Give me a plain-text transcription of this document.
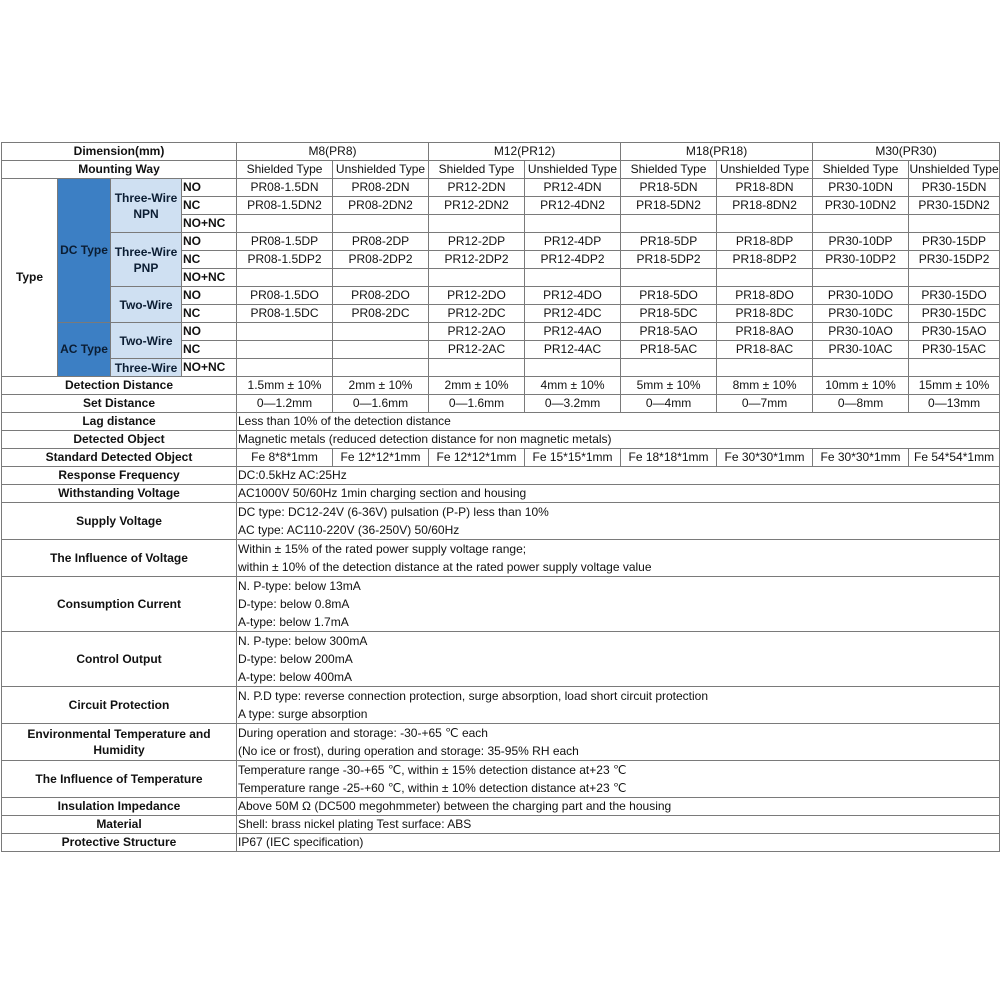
Dimension(mm)				M8(PR8)		M12(PR12)		M18(PR18)		M30(PR30)	
Mounting Way				Shielded Type	Unshielded Type	Shielded Type	Unshielded Type	Shielded Type	Unshielded Type	Shielded Type	Unshielded Type
Type	DC Type	Three-Wire NPN	NO	PR08-1.5DN	PR08-2DN	PR12-2DN	PR12-4DN	PR18-5DN	PR18-8DN	PR30-10DN	PR30-15DN
			NC	PR08-1.5DN2	PR08-2DN2	PR12-2DN2	PR12-4DN2	PR18-5DN2	PR18-8DN2	PR30-10DN2	PR30-15DN2
			NO+NC								
		Three-Wire PNP	NO	PR08-1.5DP	PR08-2DP	PR12-2DP	PR12-4DP	PR18-5DP	PR18-8DP	PR30-10DP	PR30-15DP
			NC	PR08-1.5DP2	PR08-2DP2	PR12-2DP2	PR12-4DP2	PR18-5DP2	PR18-8DP2	PR30-10DP2	PR30-15DP2
			NO+NC								
		Two-Wire	NO	PR08-1.5DO	PR08-2DO	PR12-2DO	PR12-4DO	PR18-5DO	PR18-8DO	PR30-10DO	PR30-15DO
			NC	PR08-1.5DC	PR08-2DC	PR12-2DC	PR12-4DC	PR18-5DC	PR18-8DC	PR30-10DC	PR30-15DC
	AC Type	Two-Wire	NO			PR12-2AO	PR12-4AO	PR18-5AO	PR18-8AO	PR30-10AO	PR30-15AO
			NC			PR12-2AC	PR12-4AC	PR18-5AC	PR18-8AC	PR30-10AC	PR30-15AC
		Three-Wire	NO+NC								
Detection Distance				1.5mm ± 10%	2mm ± 10%	2mm ± 10%	4mm ± 10%	5mm ± 10%	8mm ± 10%	10mm ± 10%	15mm ± 10%
Set Distance				0—1.2mm	0—1.6mm	0—1.6mm	0—3.2mm	0—4mm	0—7mm	0—8mm	0—13mm
Lag distance				Less than 10% of the detection distance							
Detected Object				Magnetic metals (reduced detection distance for non magnetic metals)							
Standard Detected Object				Fe 8*8*1mm	Fe 12*12*1mm	Fe 12*12*1mm	Fe 15*15*1mm	Fe 18*18*1mm	Fe 30*30*1mm	Fe 30*30*1mm	Fe 54*54*1mm
Response Frequency				DC:0.5kHz AC:25Hz							
Withstanding Voltage				AC1000V 50/60Hz 1min charging section and housing							
Supply Voltage				DC type: DC12-24V (6-36V) pulsation (P-P) less than 10%
AC type: AC110-220V (36-250V) 50/60Hz							

The Influence of Voltage				Within ± 15% of the rated power supply voltage range;
within ± 10% of the detection distance at the rated power supply voltage value							

Consumption Current				N. P-type: below 13mA
D-type: below 0.8mA
A-type: below 1.7mA							

Control Output				N. P-type: below 300mA
D-type: below 200mA
A-type: below 400mA							

Circuit Protection				N. P.D type: reverse connection protection, surge absorption, load short circuit protection
A type: surge absorption							

Environmental Temperature and Humidity				During operation and storage: -30-+65 ℃ each
(No ice or frost), during operation and storage: 35-95% RH each							

The Influence of Temperature				Temperature range -30-+65 ℃, within ± 15% detection distance at+23 ℃
Temperature range -25-+60 ℃, within ± 10% detection distance at+23 ℃							

Insulation Impedance				Above 50M Ω (DC500 megohmmeter) between the charging part and the housing							
Material				Shell: brass nickel plating Test surface: ABS							
Protective Structure				IP67 (IEC specification)							
